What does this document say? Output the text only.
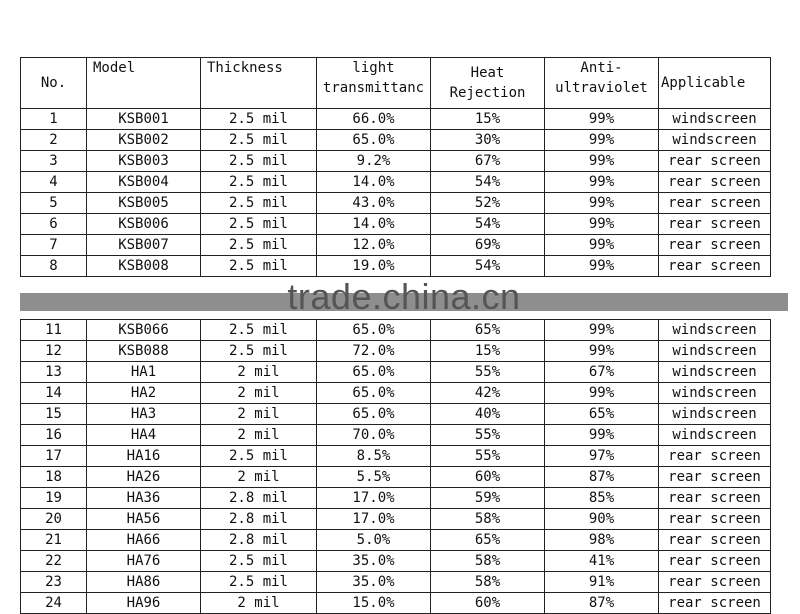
No.	Model	Thickness	light transmittanc	Heat Rejection	Anti-ultraviolet	Applicable
1	KSB001	2.5 mil	66.0%	15%	99%	windscreen
2	KSB002	2.5 mil	65.0%	30%	99%	windscreen
3	KSB003	2.5 mil	9.2%	67%	99%	rear screen
4	KSB004	2.5 mil	14.0%	54%	99%	rear screen
5	KSB005	2.5 mil	43.0%	52%	99%	rear screen
6	KSB006	2.5 mil	14.0%	54%	99%	rear screen
7	KSB007	2.5 mil	12.0%	69%	99%	rear screen
8	KSB008	2.5 mil	19.0%	54%	99%	rear screen

11	KSB066	2.5 mil	65.0%	65%	99%	windscreen
12	KSB088	2.5 mil	72.0%	15%	99%	windscreen
13	HA1	2 mil	65.0%	55%	67%	windscreen
14	HA2	2 mil	65.0%	42%	99%	windscreen
15	HA3	2 mil	65.0%	40%	65%	windscreen
16	HA4	2 mil	70.0%	55%	99%	windscreen
17	HA16	2.5 mil	8.5%	55%	97%	rear screen
18	HA26	2 mil	5.5%	60%	87%	rear screen
19	HA36	2.8 mil	17.0%	59%	85%	rear screen
20	HA56	2.8 mil	17.0%	58%	90%	rear screen
21	HA66	2.8 mil	5.0%	65%	98%	rear screen
22	HA76	2.5 mil	35.0%	58%	41%	rear screen
23	HA86	2.5 mil	35.0%	58%	91%	rear screen
24	HA96	2 mil	15.0%	60%	87%	rear screen
trade.china.cn
